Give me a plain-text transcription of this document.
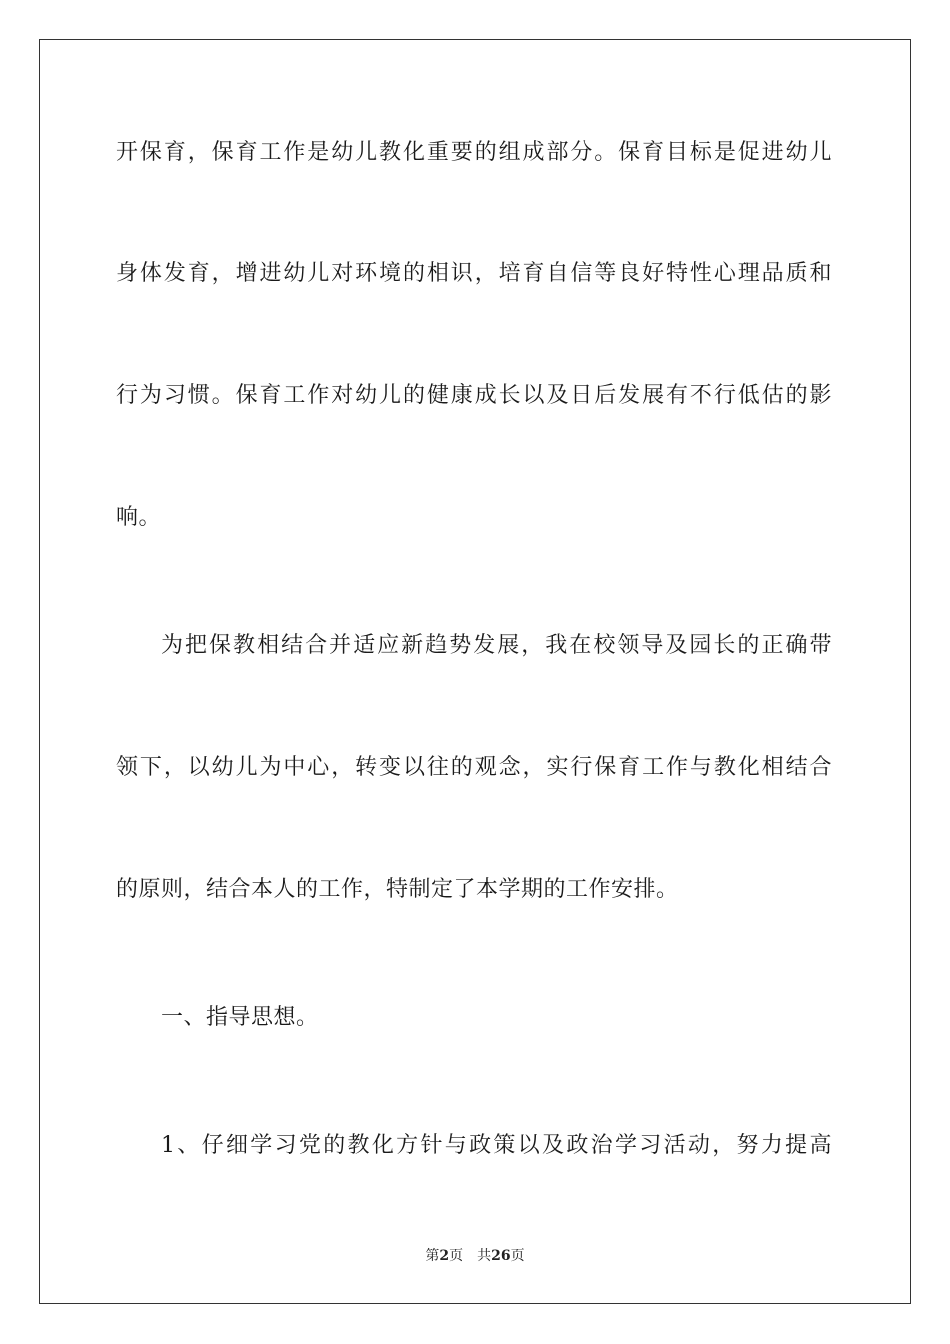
开保育，保育工作是幼儿教化重要的组成部分。保育目标是促进幼儿
身体发育，增进幼儿对环境的相识，培育自信等良好特性心理品质和
行为习惯。保育工作对幼儿的健康成长以及日后发展有不行低估的影
响。
为把保教相结合并适应新趋势发展，我在校领导及园长的正确带
领下，以幼儿为中心，转变以往的观念，实行保育工作与教化相结合
的原则，结合本人的工作，特制定了本学期的工作安排。
一、指导思想。
1、仔细学习党的教化方针与政策以及政治学习活动，努力提高
第2页 共26页
